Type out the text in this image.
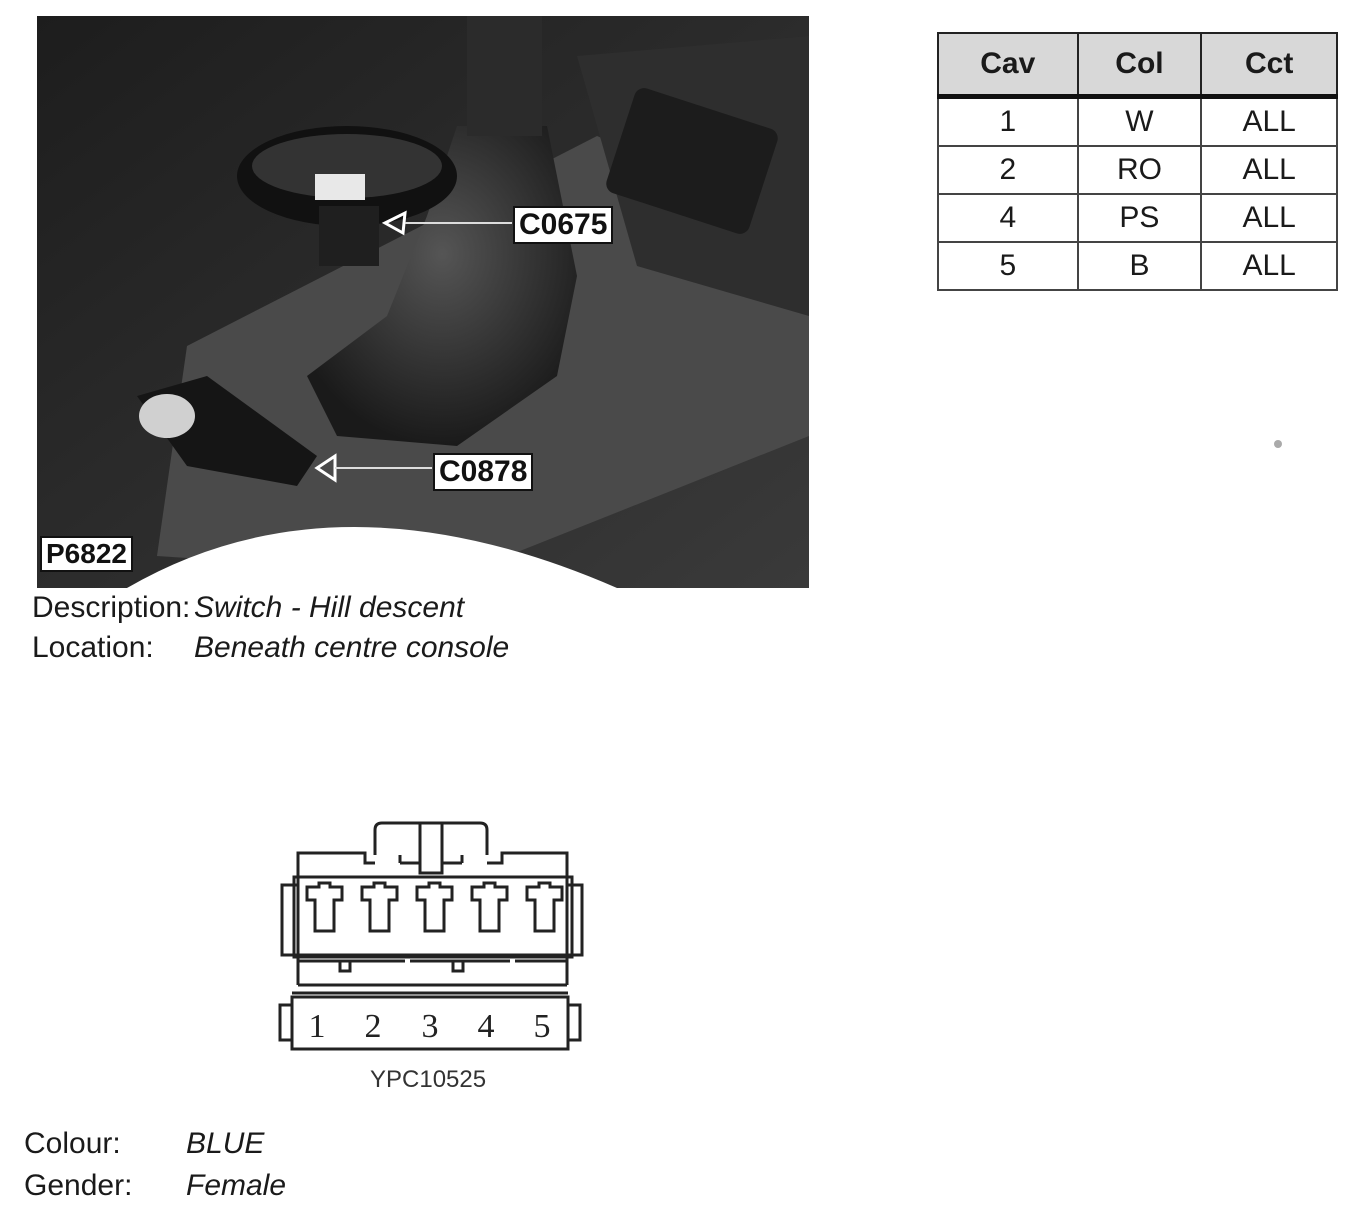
C0675
C0878
P6822
Description: Switch - Hill descent
Location: Beneath centre console
Cav	Col	Cct
1	W	ALL
2	RO	ALL
4	PS	ALL
5	B	ALL
1 2 3 4 5
YPC10525
Colour: BLUE
Gender: Female
